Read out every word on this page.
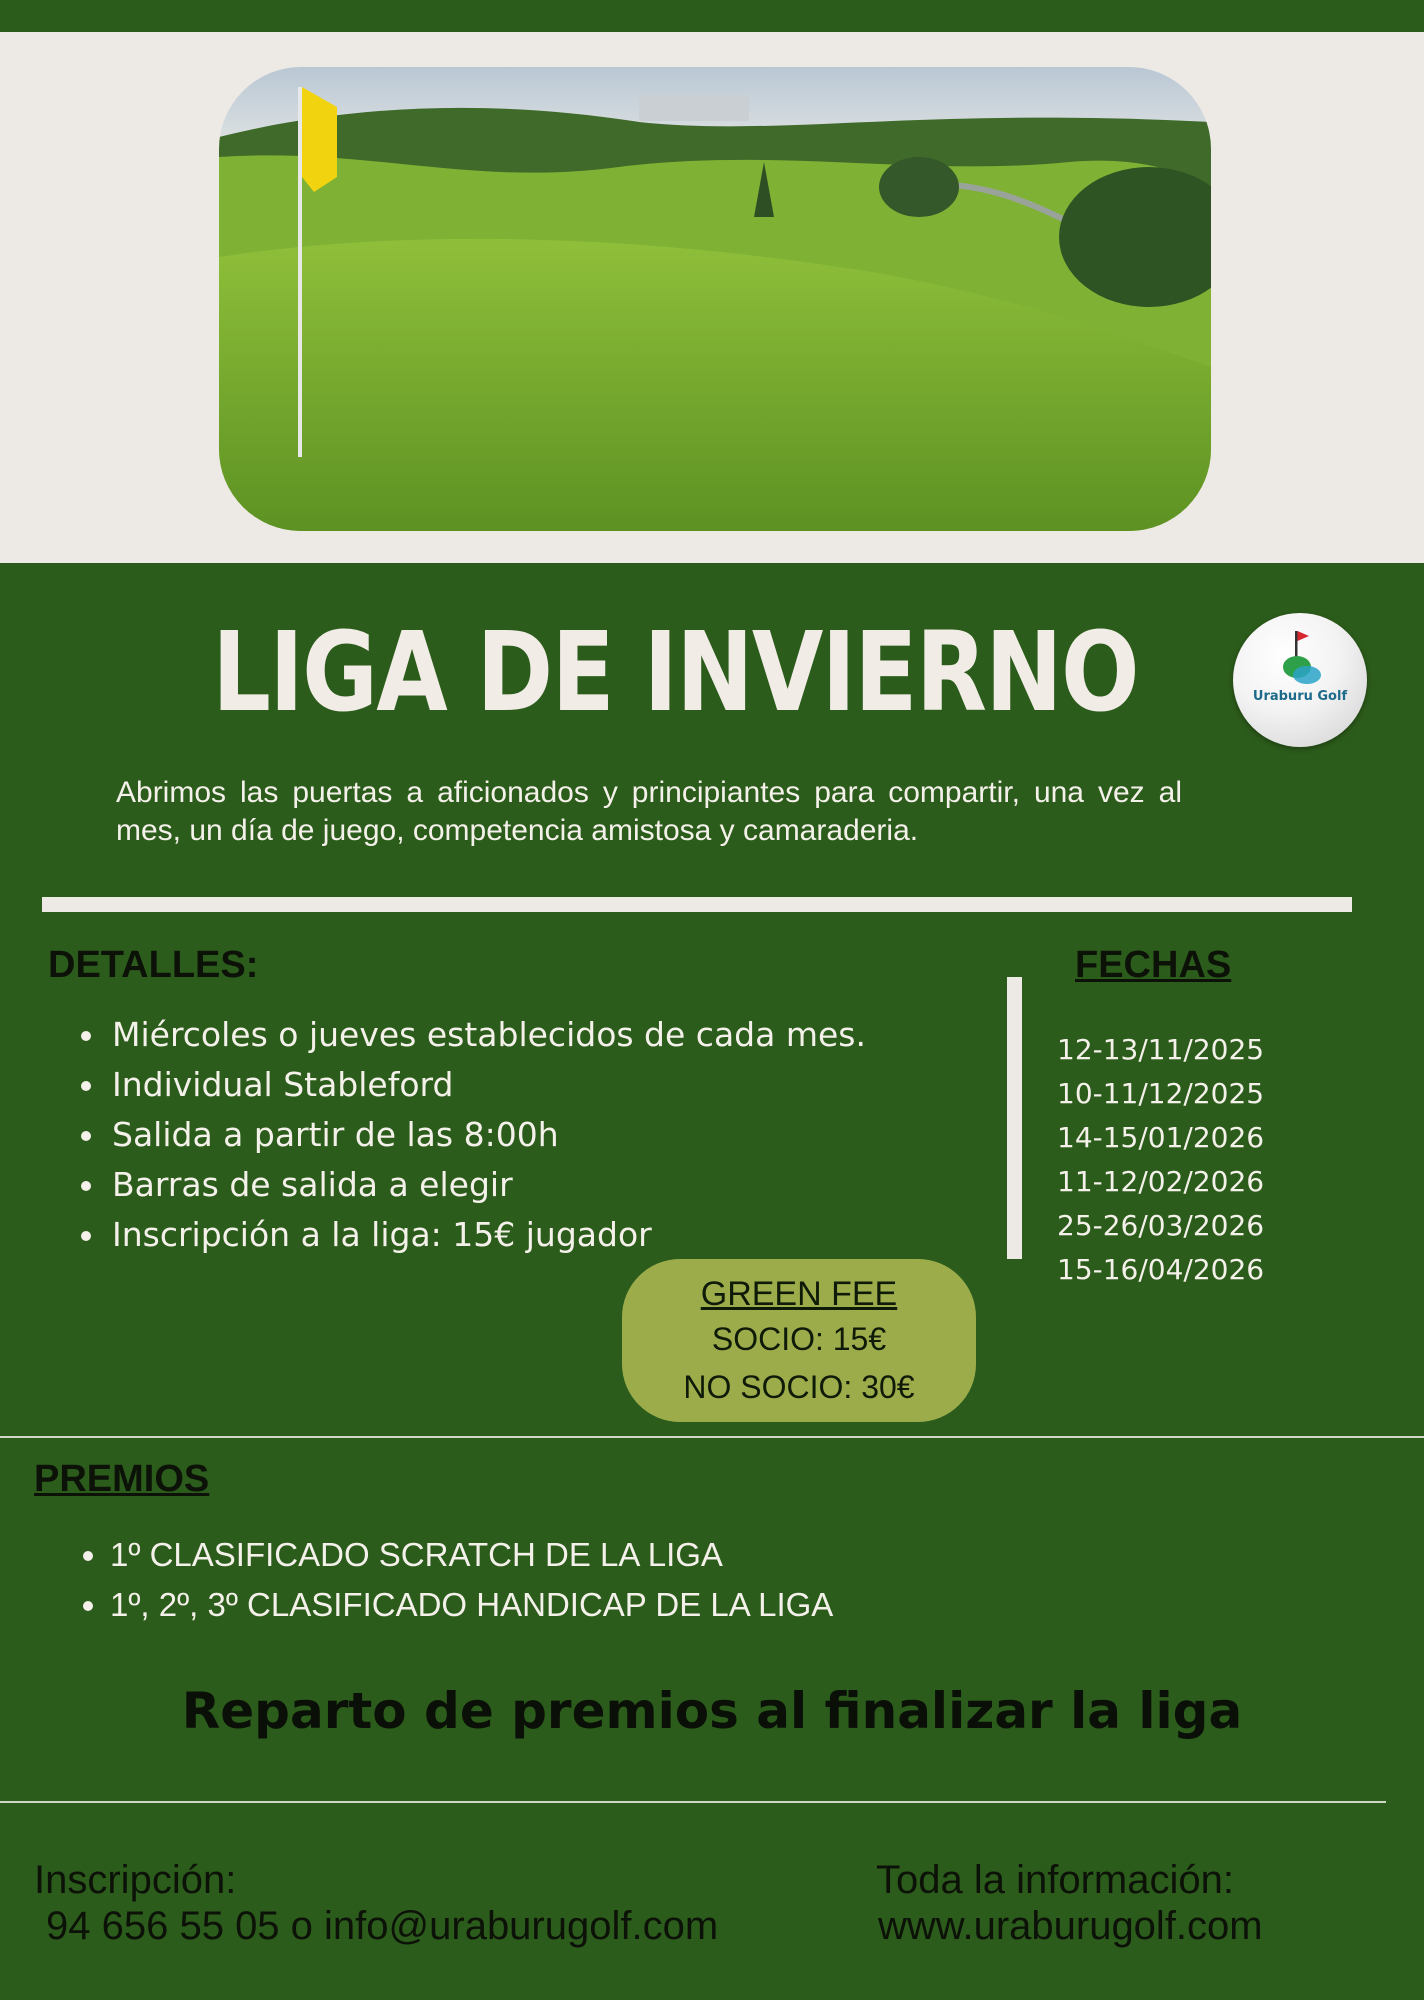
LIGA DE INVIERNO	Uraburu Golf
Abrimos las puertas a aficionados y principiantes para compartir, una vez al mes, un día de juego, competencia amistosa y camaraderia.
DETALLES:
• Miércoles o jueves establecidos de cada mes.
• Individual Stableford
• Salida a partir de las 8:00h
• Barras de salida a elegir
• Inscripción a la liga: 15€ jugador
FECHAS
12-13/11/2025
10-11/12/2025
14-15/01/2026
11-12/02/2026
25-26/03/2026
15-16/04/2026
GREEN FEE
SOCIO: 15€
NO SOCIO: 30€
PREMIOS
• 1º CLASIFICADO SCRATCH DE LA LIGA
• 1º, 2º, 3º CLASIFICADO HANDICAP DE LA LIGA
Reparto de premios al finalizar la liga
Inscripción:
94 656 55 05 o info@uraburugolf.com
Toda la información:
www.uraburugolf.com
